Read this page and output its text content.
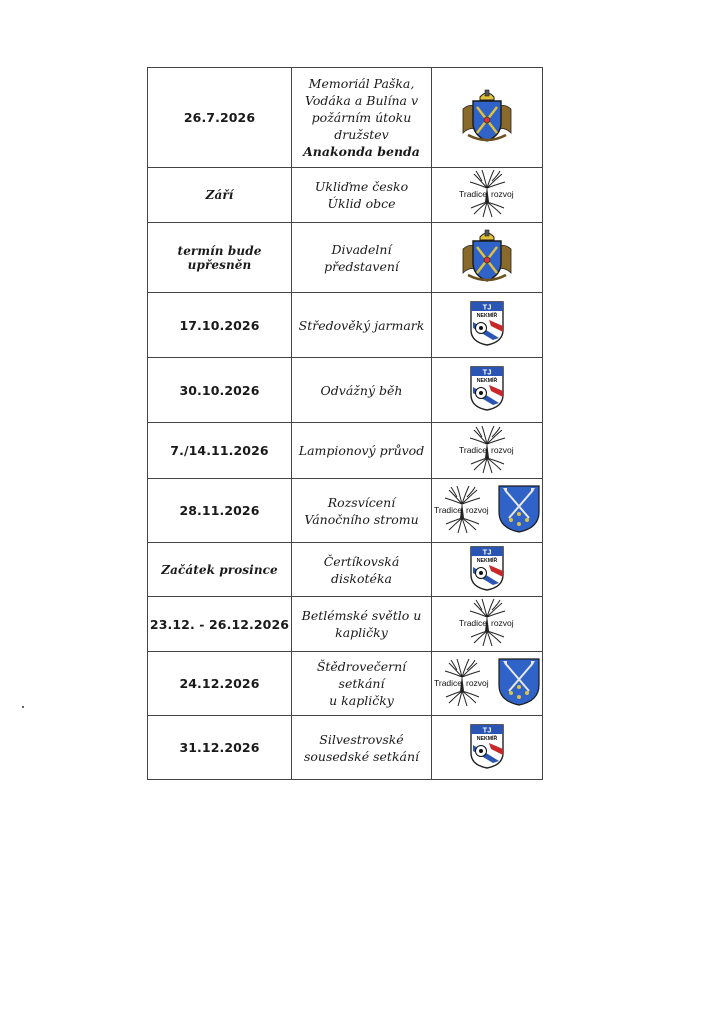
26.7.2026	Memoriál Paška,
Vodáka a Bulína v
požárním útoku
družstev
Anakonda benda

Září	Ukliďme česko
Úklid obce	Tradice rozvoj

termín bude upřesněn	Divadelní
představení

17.10.2026	Středověký jarmark	TJ
NEKMÍŘ

30.10.2026	Odvážný běh	TJ
NEKMÍŘ

7./14.11.2026	Lampionový průvod	Tradice rozvoj

28.11.2026	Rozsvícení
Vánočního stromu	Tradice rozvoj

Začátek prosince	Čertíkovská
diskotéka	TJ
NEKMÍŘ

23.12. - 26.12.2026	Betlémské světlo u
kapličky	Tradice rozvoj

24.12.2026	Štědrovečerní setkání
u kapličky	Tradice rozvoj

31.12.2026	Silvestrovské
sousedské setkání	TJ
NEKMÍŘ
